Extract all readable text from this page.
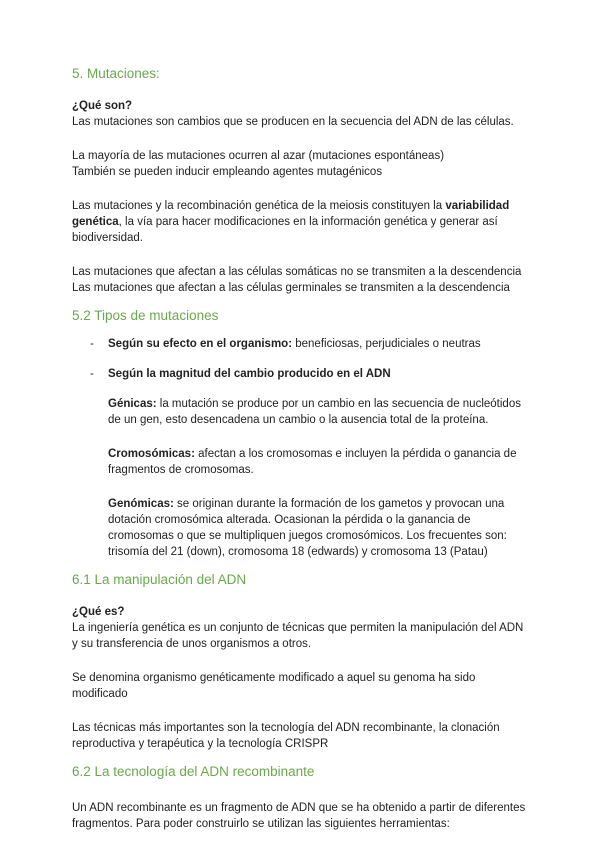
5. Mutaciones:
¿Qué son?

Las mutaciones son cambios que se producen en la secuencia del ADN de las células.

La mayoría de las mutaciones ocurren al azar (mutaciones espontáneas)

También se pueden inducir empleando agentes mutagénicos

Las mutaciones y la recombinación genética de la meiosis constituyen la variabilidad genética, la vía para hacer modificaciones en la información genética y generar así biodiversidad.

Las mutaciones que afectan a las células somáticas no se transmiten a la descendencia

Las mutaciones que afectan a las células germinales se transmiten a la descendencia

5.2 Tipos de mutaciones
- Según su efecto en el organismo: beneficiosas, perjudiciales o neutras
- Según la magnitud del cambio producido en el ADN

Génicas: la mutación se produce por un cambio en las secuencia de nucleótidos de un gen, esto desencadena un cambio o la ausencia total de la proteína.

Cromosómicas: afectan a los cromosomas e incluyen la pérdida o ganancia de fragmentos de cromosomas.

Genómicas: se originan durante la formación de los gametos y provocan una dotación cromosómica alterada. Ocasionan la pérdida o la ganancia de cromosomas o que se multipliquen juegos cromosómicos. Los frecuentes son: trisomía del 21 (down), cromosoma 18 (edwards) y cromosoma 13 (Patau)

6.1 La manipulación del ADN
¿Qué es?

La ingeniería genética es un conjunto de técnicas que permiten la manipulación del ADN y su transferencia de unos organismos a otros.

Se denomina organismo genéticamente modificado a aquel su genoma ha sido modificado

Las técnicas más importantes son la tecnología del ADN recombinante, la clonación reproductiva y terapéutica y la tecnología CRISPR

6.2 La tecnología del ADN recombinante

Un ADN recombinante es un fragmento de ADN que se ha obtenido a partir de diferentes fragmentos. Para poder construirlo se utilizan las siguientes herramientas:
